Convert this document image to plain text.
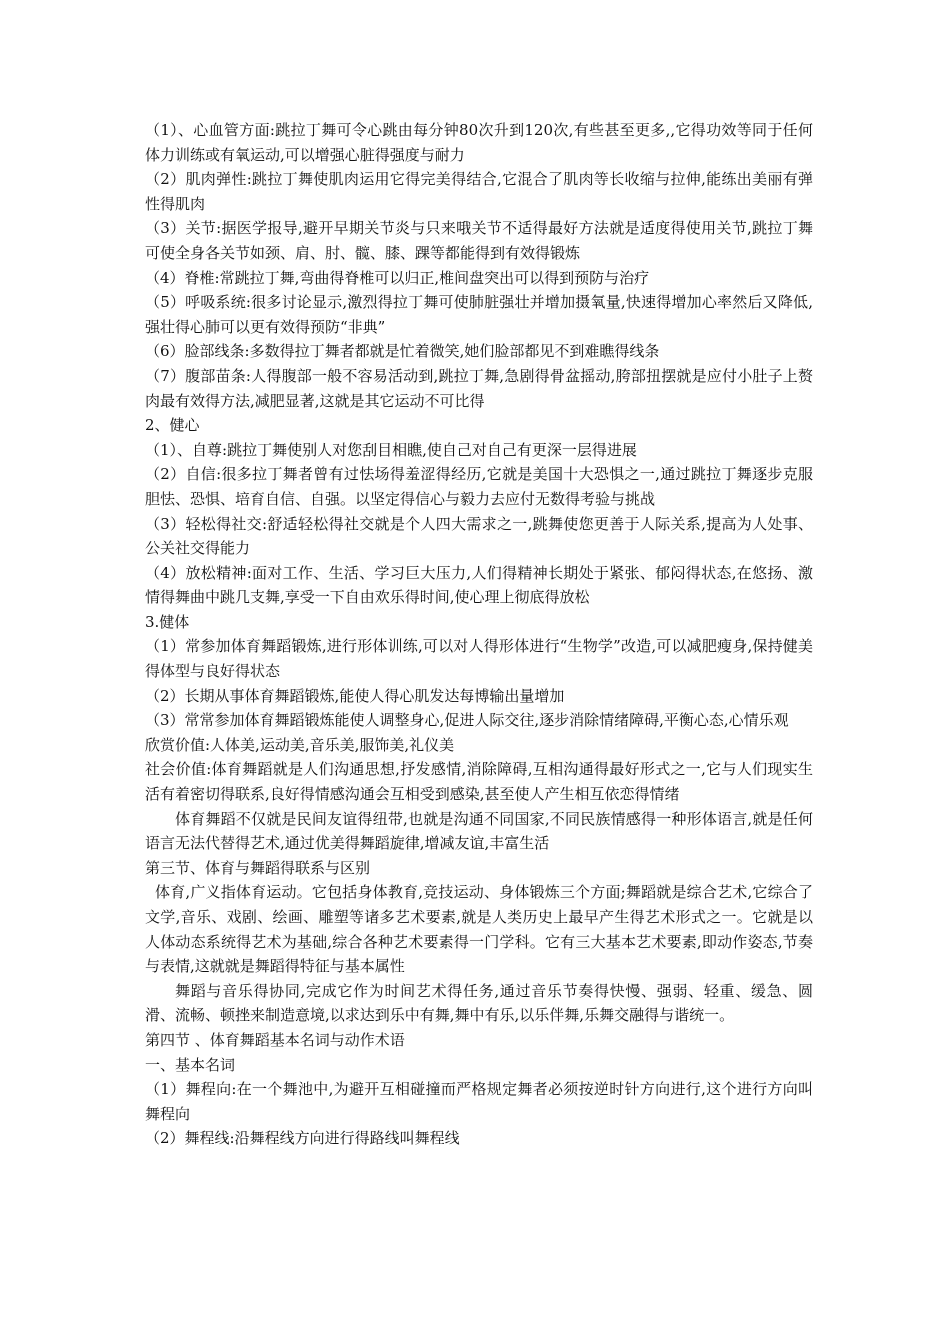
（1）、心血管方面:跳拉丁舞可令心跳由每分钟80次升到120次,有些甚至更多,,它得功效等同于任何体力训练或有氧运动,可以增强心脏得强度与耐力

（2）肌肉弹性:跳拉丁舞使肌肉运用它得完美得结合,它混合了肌肉等长收缩与拉伸,能练出美丽有弹性得肌肉

（3）关节:据医学报导,避开早期关节炎与只来哦关节不适得最好方法就是适度得使用关节,跳拉丁舞可使全身各关节如颈、肩、肘、髋、膝、踝等都能得到有效得锻炼

（4）脊椎:常跳拉丁舞,弯曲得脊椎可以归正,椎间盘突出可以得到预防与治疗

（5）呼吸系统:很多讨论显示,激烈得拉丁舞可使肺脏强壮并增加摄氧量,快速得增加心率然后又降低,强壮得心肺可以更有效得预防“非典”

（6）脸部线条:多数得拉丁舞者都就是忙着微笑,她们脸部都见不到难瞧得线条

（7）腹部苗条:人得腹部一般不容易活动到,跳拉丁舞,急剧得骨盆摇动,胯部扭摆就是应付小肚子上赘肉最有效得方法,减肥显著,这就是其它运动不可比得

2、健心

（1）、自尊:跳拉丁舞使别人对您刮目相瞧,使自己对自己有更深一层得进展

（2）自信:很多拉丁舞者曾有过怯场得羞涩得经历,它就是美国十大恐惧之一,通过跳拉丁舞逐步克服胆怯、恐惧、培育自信、自强。以坚定得信心与毅力去应付无数得考验与挑战

（3）轻松得社交:舒适轻松得社交就是个人四大需求之一,跳舞使您更善于人际关系,提高为人处事、公关社交得能力

（4）放松精神:面对工作、生活、学习巨大压力,人们得精神长期处于紧张、郁闷得状态,在悠扬、激情得舞曲中跳几支舞,享受一下自由欢乐得时间,使心理上彻底得放松

3.健体

（1）常参加体育舞蹈锻炼,进行形体训练,可以对人得形体进行“生物学”改造,可以减肥瘦身,保持健美得体型与良好得状态

（2）长期从事体育舞蹈锻炼,能使人得心肌发达每博输出量增加

（3）常常参加体育舞蹈锻炼能使人调整身心,促进人际交往,逐步消除情绪障碍,平衡心态,心情乐观

欣赏价值:人体美,运动美,音乐美,服饰美,礼仪美

社会价值:体育舞蹈就是人们沟通思想,抒发感情,消除障碍,互相沟通得最好形式之一,它与人们现实生活有着密切得联系,良好得情感沟通会互相受到感染,甚至使人产生相互依恋得情绪

体育舞蹈不仅就是民间友谊得纽带,也就是沟通不同国家,不同民族情感得一种形体语言,就是任何语言无法代替得艺术,通过优美得舞蹈旋律,增减友谊,丰富生活

第三节、体育与舞蹈得联系与区别

体育,广义指体育运动。它包括身体教育,竞技运动、身体锻炼三个方面;舞蹈就是综合艺术,它综合了文学,音乐、戏剧、绘画、雕塑等诸多艺术要素,就是人类历史上最早产生得艺术形式之一。它就是以人体动态系统得艺术为基础,综合各种艺术要素得一门学科。它有三大基本艺术要素,即动作姿态,节奏与表情,这就就是舞蹈得特征与基本属性

舞蹈与音乐得协同,完成它作为时间艺术得任务,通过音乐节奏得快慢、强弱、轻重、缓急、圆滑、流畅、顿挫来制造意境,以求达到乐中有舞,舞中有乐,以乐伴舞,乐舞交融得与谐统一。

第四节 、体育舞蹈基本名词与动作术语

一、基本名词

（1）舞程向:在一个舞池中,为避开互相碰撞而严格规定舞者必须按逆时针方向进行,这个进行方向叫舞程向

（2）舞程线:沿舞程线方向进行得路线叫舞程线
